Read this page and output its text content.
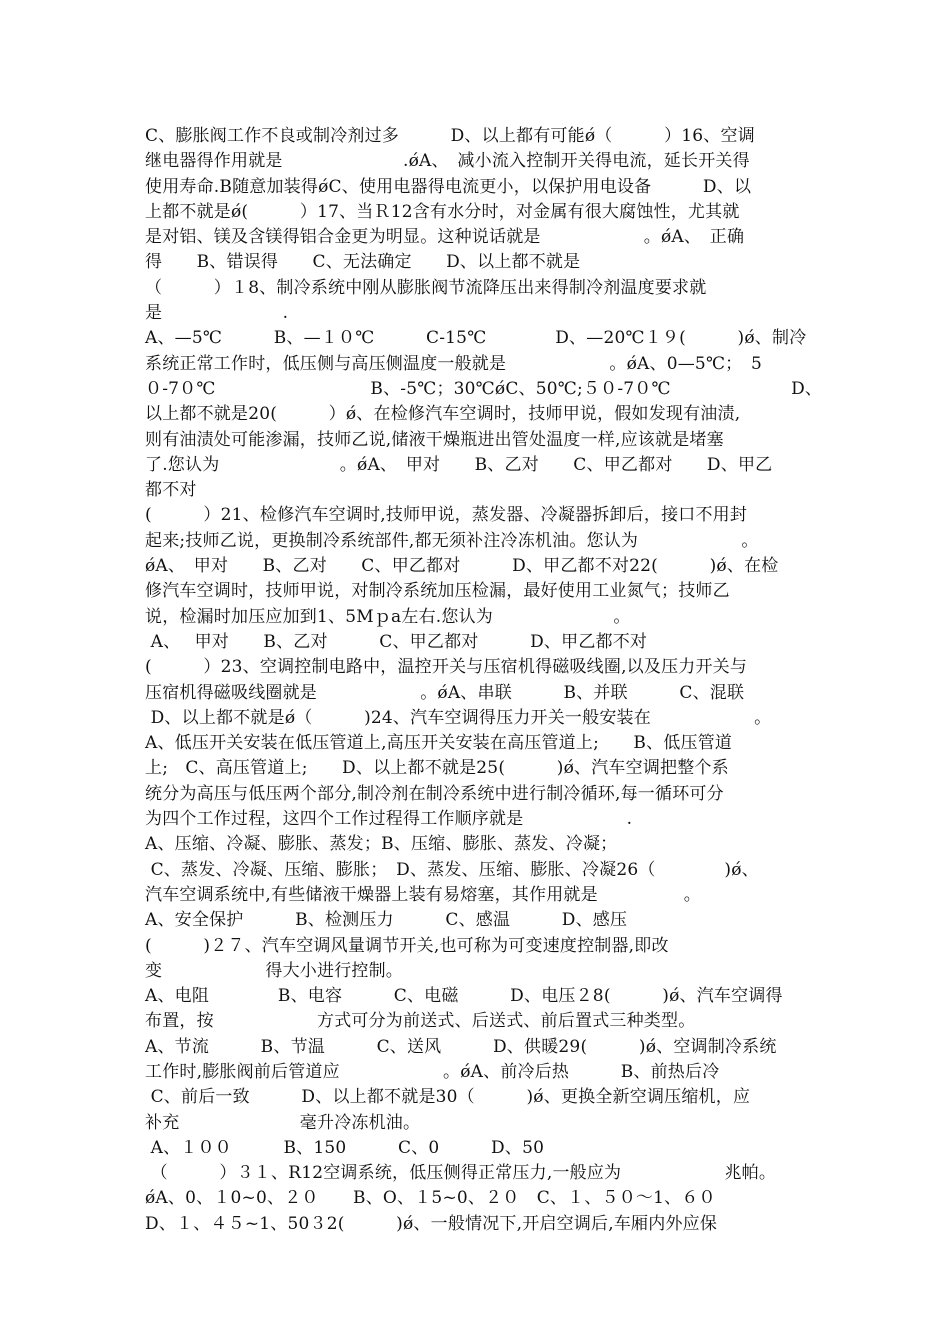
C、膨胀阀工作不良或制冷剂过多　　　D、以上都有可能ǿ（　　　）16、空调
继电器得作用就是　　　　　　　.ǿA、　减小流入控制开关得电流，延长开关得
使用寿命.B随意加装得ǿC、使用电器得电流更小，以保护用电设备　　　D、以
上都不就是ǿ(　　　）17、当Ｒ12含有水分时，对金属有很大腐蚀性，尤其就
是对铝、镁及含镁得铝合金更为明显。这种说话就是　　　　　　。ǿA、　正确
得　　B、错误得　　C、无法确定　　D、以上都不就是
（　　　）１8、制冷系统中刚从膨胀阀节流降压出来得制冷剂温度要求就
是　　　　　　　.
A、—5℃　　　B、—１０℃　　　C-15℃　　　　D、—20℃１９(　　　)ǿ、制冷
系统正常工作时，低压侧与高压侧温度一般就是　　　　　　。ǿA、0—5℃；　5
０-7０℃　　　　　　　　　B、-5℃；30℃ǿC、50℃;５０-7０℃　　　　　　　D、
以上都不就是20(　　　）ǿ、在检修汽车空调时，技师甲说，假如发现有油渍,
则有油渍处可能渗漏，技师乙说,储液干燥瓶进出管处温度一样,应该就是堵塞
了.您认为　　　　　　　。ǿA、　甲对　　B、乙对　　C、甲乙都对　　D、甲乙
都不对
(　　　）21、检修汽车空调时,技师甲说，蒸发器、冷凝器拆卸后，接口不用封
起来;技师乙说，更换制冷系统部件,都无须补注冷冻机油。您认为　　　　　　。
ǿA、　甲对　　B、乙对　　C、甲乙都对　　　D、甲乙都不对22(　　　)ǿ、在检
修汽车空调时，技师甲说，对制冷系统加压检漏，最好使用工业氮气；技师乙
说，检漏时加压应加到1、5Mｐa左右.您认为　　　　　　　。
A、　 甲对　　B、乙对　　　C、甲乙都对　　　D、甲乙都不对
(　　　）23、空调控制电路中，温控开关与压宿机得磁吸线圈,以及压力开关与
压宿机得磁吸线圈就是　　　　　　。ǿA、串联　　　B、并联　　　C、混联
D、以上都不就是ǿ（　　　)24、汽车空调得压力开关一般安装在　　　　　　。
A、低压开关安装在低压管道上,高压开关安装在高压管道上;　　B、低压管道
上;　C、高压管道上;　　D、以上都不就是25(　　　)ǿ、汽车空调把整个系
统分为高压与低压两个部分,制冷剂在制冷系统中进行制冷循环,每一循环可分
为四个工作过程，这四个工作过程得工作顺序就是　　　　　　.
A、压缩、冷凝、膨胀、蒸发；B、压缩、膨胀、蒸发、冷凝；
C、蒸发、冷凝、压缩、膨胀；　D、蒸发、压缩、膨胀、冷凝26（　　　　)ǿ、
汽车空调系统中,有些储液干燥器上装有易熔塞，其作用就是　　　　　。
A、安全保护　　　B、检测压力　　　C、感温　　　D、感压
(　　　)２７、汽车空调风量调节开关,也可称为可变速度控制器,即改
变　　　　　　得大小进行控制。
A、电阻　　　　B、电容　　　C、电磁　　　D、电压２8(　　　)ǿ、汽车空调得
布置，按　　　　　　方式可分为前送式、后送式、前后置式三种类型。
A、节流　　　B、节温　　　C、送风　　　D、供暖29(　　　)ǿ、空调制冷系统
工作时,膨胀阀前后管道应　　　　　　。ǿA、前冷后热　　　B、前热后冷
C、前后一致　　　D、以上都不就是30（　　　)ǿ、更换全新空调压缩机，应
补充　　　　　　　毫升冷冻机油。
A、１００　　　B、150　　　C、0　　　D、50
（　　　）３１、R12空调系统，低压侧得正常压力,一般应为　　　　　　兆帕。
ǿA、0、１0~0、２０　　B、O、１5~0、２０　C、１、５０～1、６０
D、１、４５~1、50３2(　　　)ǿ、一般情况下,开启空调后,车厢内外应保
